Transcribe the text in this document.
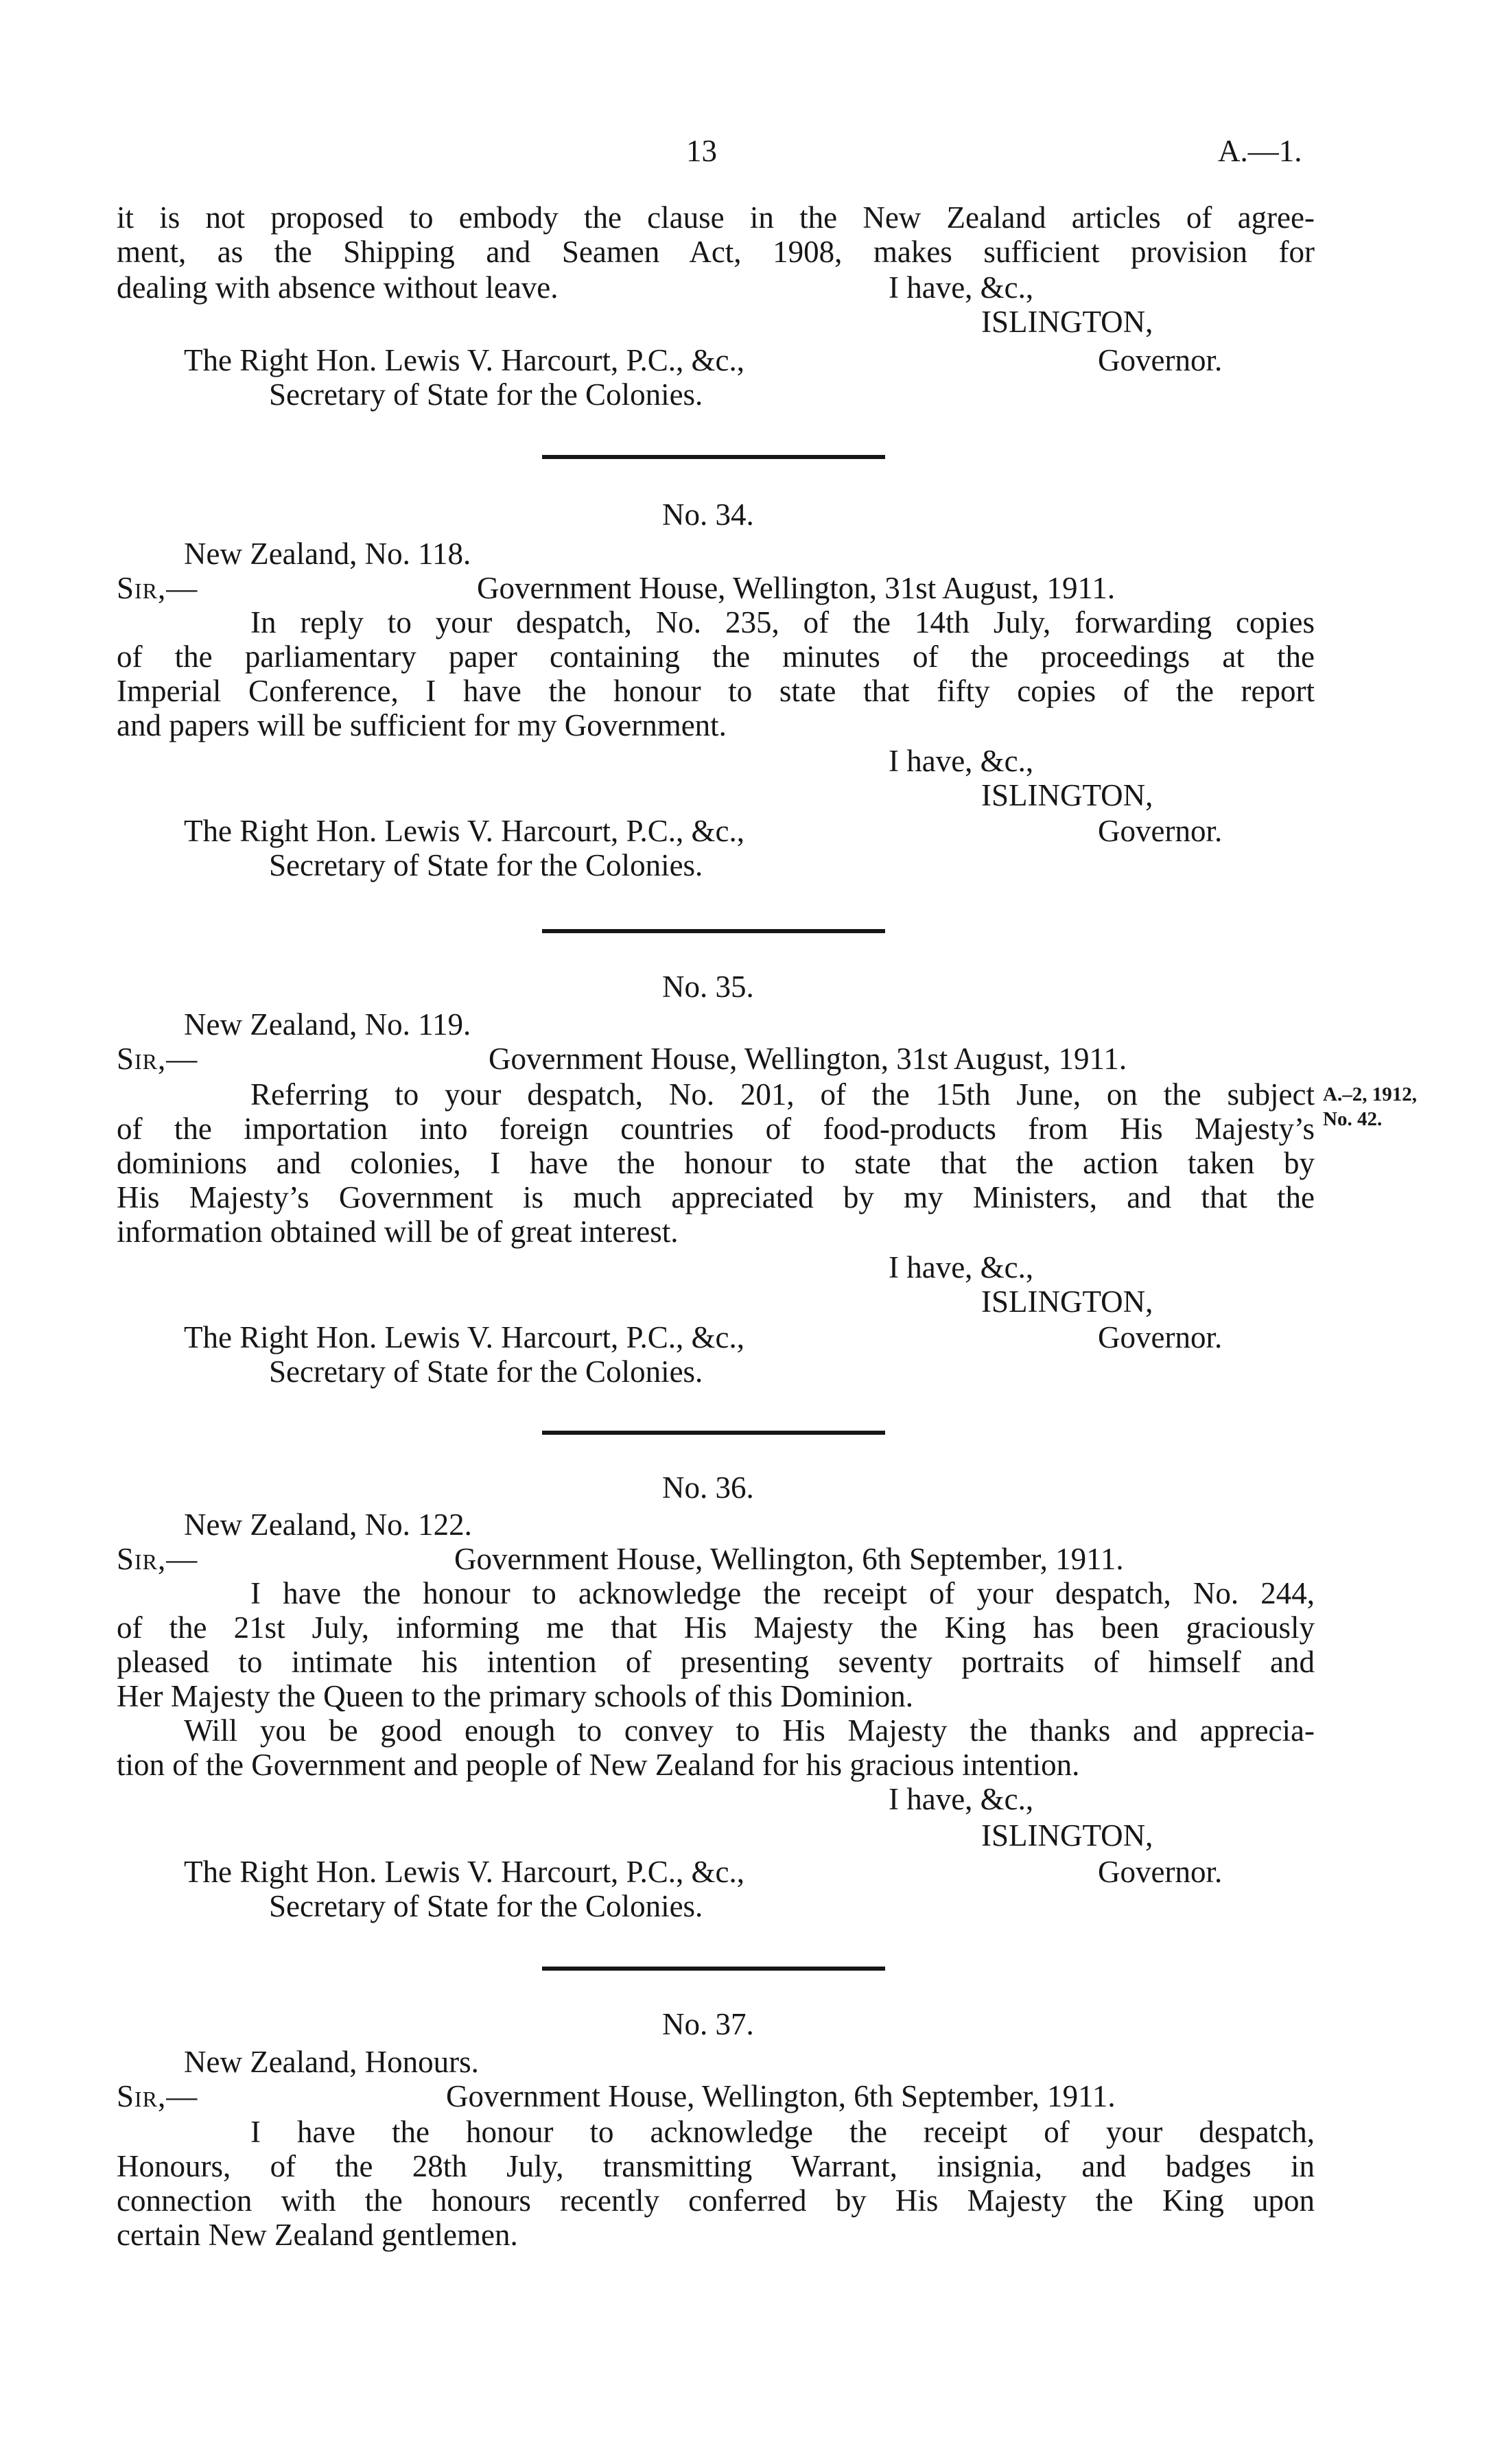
13	A.—1.
it is not proposed to embody the clause in the New Zealand articles of agree-
ment, as the Shipping and Seamen Act, 1908, makes sufficient provision for
dealing with absence without leave.	I have, &c.,
ISLINGTON,
The Right Hon. Lewis V. Harcourt, P.C., &c.,	Governor.
Secretary of State for the Colonies.
No. 34.
New Zealand, No. 118.
Sir,—	Government House, Wellington, 31st August, 1911.
In reply to your despatch, No. 235, of the 14th July, forwarding copies
of the parliamentary paper containing the minutes of the proceedings at the
Imperial Conference, I have the honour to state that fifty copies of the report
and papers will be sufficient for my Government.
I have, &c.,
ISLINGTON,
The Right Hon. Lewis V. Harcourt, P.C., &c.,	Governor.
Secretary of State for the Colonies.
No. 35.
New Zealand, No. 119.
Sir,—	Government House, Wellington, 31st August, 1911.
Referring to your despatch, No. 201, of the 15th June, on the subject
of the importation into foreign countries of food-products from His Majesty’s
dominions and colonies, I have the honour to state that the action taken by
His Majesty’s Government is much appreciated by my Ministers, and that the
information obtained will be of great interest.
A.–2, 1912,
No. 42.
I have, &c.,
ISLINGTON,
The Right Hon. Lewis V. Harcourt, P.C., &c.,	Governor.
Secretary of State for the Colonies.
No. 36.
New Zealand, No. 122.
Sir,—	Government House, Wellington, 6th September, 1911.
I have the honour to acknowledge the receipt of your despatch, No. 244,
of the 21st July, informing me that His Majesty the King has been graciously
pleased to intimate his intention of presenting seventy portraits of himself and
Her Majesty the Queen to the primary schools of this Dominion.
Will you be good enough to convey to His Majesty the thanks and apprecia-
tion of the Government and people of New Zealand for his gracious intention.
I have, &c.,
ISLINGTON,
The Right Hon. Lewis V. Harcourt, P.C., &c.,	Governor.
Secretary of State for the Colonies.
No. 37.
New Zealand, Honours.
Sir,—	Government House, Wellington, 6th September, 1911.
I have the honour to acknowledge the receipt of your despatch,
Honours, of the 28th July, transmitting Warrant, insignia, and badges in
connection with the honours recently conferred by His Majesty the King upon
certain New Zealand gentlemen.
